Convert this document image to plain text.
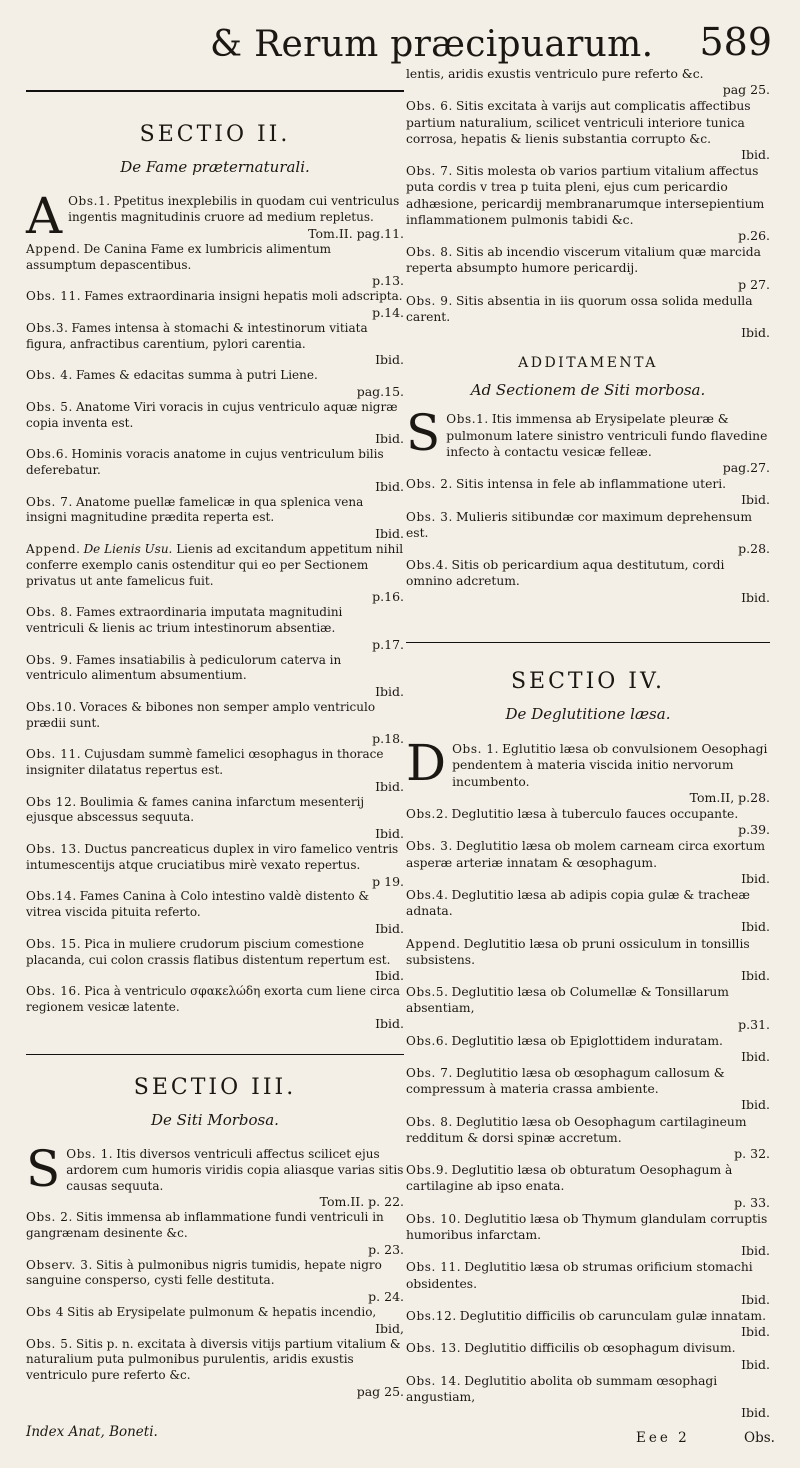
& Rerum præcipuarum. 589
SECTIO II.
De Fame præternaturali.
Obs.1.
A	Ppetitus inexplebilis in quodam cui ventriculus ingentis magnitudinis cruore ad medium repletus.
Tom.II. pag.11.
Append. De Canina Fame ex lumbricis alimentum assumptum depascentibus.
p.13.
Obs. 11. Fames extraordinaria insigni hepatis moli adscripta.
p.14.
Obs.3. Fames intensa à stomachi & intestinorum vitiata figura, anfractibus carentium, pylori carentia.
Ibid.
Obs. 4. Fames & edacitas summa à putri Liene.
pag.15.
Obs. 5. Anatome Viri voracis in cujus ventriculo aquæ nigræ copia inventa est.
Ibid.
Obs.6. Hominis voracis anatome in cujus ventriculum bilis deferebatur.
Ibid.
Obs. 7. Anatome puellæ famelicæ in qua splenica vena insigni magnitudine prædita reperta est.
Ibid.
Append. De Lienis Usu. Lienis ad excitandum appetitum nihil conferre exemplo canis ostenditur qui eo per Sectionem privatus ut ante famelicus fuit.
p.16.
Obs. 8. Fames extraordinaria imputata magnitudini ventriculi & lienis ac trium intestinorum absentiæ.
p.17.
Obs. 9. Fames insatiabilis à pediculorum caterva in ventriculo alimentum absumentium.
Ibid.
Obs.10. Voraces & bibones non semper amplo ventriculo prædii sunt.
p.18.
Obs. 11. Cujusdam summè famelici œsophagus in thorace insigniter dilatatus repertus est.
Ibid.
Obs 12. Boulimia & fames canina infarctum mesenterij ejusque abscessus sequuta.
Ibid.
Obs. 13. Ductus pancreaticus duplex in viro famelico ventris intumescentijs atque cruciatibus mirè vexato repertus.
p 19.
Obs.14. Fames Canina à Colo intestino valdè distento & vitrea viscida pituita referto.
Ibid.
Obs. 15. Pica in muliere crudorum piscium comestione placanda, cui colon crassis flatibus distentum repertum est.
Ibid.
Obs. 16. Pica à ventriculo σφακελώδη exorta cum liene circa regionem vesicæ latente.
Ibid.
SECTIO III.
De Siti Morbosa.
Obs. 1.
S	Itis diversos ventriculi affectus scilicet ejus ardorem cum humoris viridis copia aliasque varias sitis causas sequuta.
Tom.II. p. 22.
Obs. 2. Sitis immensa ab inflammatione fundi ventriculi in gangrænam desinente &c.
p. 23.
Observ. 3. Sitis à pulmonibus nigris tumidis, hepate nigro sanguine consperso, cysti felle destituta.
p. 24.
Obs 4 Sitis ab Erysipelate pulmonum & hepatis incendio,
Ibid,
Obs. 5. Sitis p. n. excitata à diversis vitijs partium vitalium & naturalium puta pulmonibus purulentis, aridis exustis ventriculo pure referto &c.
pag 25.
lentis, aridis exustis ventriculo pure referto &c.
pag 25.
Obs. 6. Sitis excitata à varijs aut complicatis affectibus partium naturalium, scilicet ventriculi interiore tunica corrosa, hepatis & lienis substantia corrupto &c.
Ibid.
Obs. 7. Sitis molesta ob varios partium vitalium affectus puta cordis v trea p tuita pleni, ejus cum pericardio adhæsione, pericardij membranarumque intersepientium inflammationem pulmonis tabidi &c.
p.26.
Obs. 8. Sitis ab incendio viscerum vitalium quæ marcida reperta absumpto humore pericardij.
p 27.
Obs. 9. Sitis absentia in iis quorum ossa solida medulla carent.
Ibid.
ADDITAMENTA
Ad Sectionem de Siti morbosa.
Obs.1.
S	Itis immensa ab Erysipelate pleuræ & pulmonum latere sinistro ventriculi fundo flavedine infecto à contactu vesicæ felleæ.
pag.27.
Obs. 2. Sitis intensa in fele ab inflammatione uteri.
Ibid.
Obs. 3. Mulieris sitibundæ cor maximum deprehensum est.
p.28.
Obs.4. Sitis ob pericardium aqua destitutum, cordi omnino adcretum.
Ibid.
SECTIO IV.
De Deglutitione læsa.
Obs. 1.
D	Eglutitio læsa ob convulsionem Oesophagi pendentem à materia viscida initio nervorum incumbento.
Tom.II, p.28.
Obs.2. Deglutitio læsa à tuberculo fauces occupante.
p.39.
Obs. 3. Deglutitio læsa ob molem carneam circa exortum asperæ arteriæ innatam & œsophagum.
Ibid.
Obs.4. Deglutitio læsa ab adipis copia gulæ & tracheæ adnata.
Ibid.
Append. Deglutitio læsa ob pruni ossiculum in tonsillis subsistens.
Ibid.
Obs.5. Deglutitio læsa ob Columellæ & Tonsillarum absentiam,
p.31.
Obs.6. Deglutitio læsa ob Epiglottidem induratam.
Ibid.
Obs. 7. Deglutitio læsa ob œsophagum callosum & compressum à materia crassa ambiente.
Ibid.
Obs. 8. Deglutitio læsa ob Oesophagum cartilagineum redditum & dorsi spinæ accretum.
p. 32.
Obs.9. Deglutitio læsa ob obturatum Oesophagum à cartilagine ab ipso enata.
p. 33.
Obs. 10. Deglutitio læsa ob Thymum glandulam corruptis humoribus infarctam.
Ibid.
Obs. 11. Deglutitio læsa ob strumas orificium stomachi obsidentes.
Ibid.
Obs.12. Deglutitio difficilis ob carunculam gulæ innatam.
Ibid.
Obs. 13. Deglutitio difficilis ob œsophagum divisum.
Ibid.
Obs. 14. Deglutitio abolita ob summam œsophagi angustiam,
Ibid.
Index Anat, Boneti.	Eee 2	Obs.
